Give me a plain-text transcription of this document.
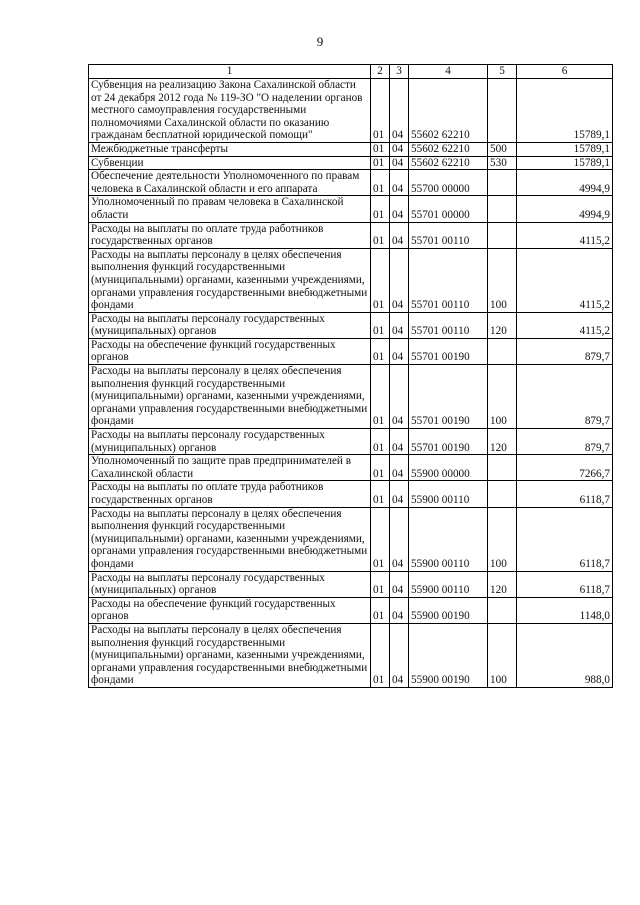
9
1	2	3	4	5	6
Субвенция на реализацию Закона Сахалинской области от 24 декабря 2012 года № 119-ЗО "О наделении органов местного самоуправления государственными полномочиями Сахалинской области по оказанию гражданам бесплатной юридической помощи"	01	04	55602 62210		15789,1
Межбюджетные трансферты	01	04	55602 62210	500	15789,1
Субвенции	01	04	55602 62210	530	15789,1
Обеспечение деятельности Уполномоченного по правам человека в Сахалинской области и его аппарата	01	04	55700 00000		4994,9
Уполномоченный по правам человека в Сахалинской области	01	04	55701 00000		4994,9
Расходы на выплаты по оплате труда работников государственных органов	01	04	55701 00110		4115,2
Расходы на выплаты персоналу в целях обеспечения выполнения функций государственными (муниципальными) органами, казенными учреждениями, органами управления государственными внебюджетными фондами	01	04	55701 00110	100	4115,2
Расходы на выплаты персоналу государственных (муниципальных) органов	01	04	55701 00110	120	4115,2
Расходы на обеспечение функций государственных органов	01	04	55701 00190		879,7
Расходы на выплаты персоналу в целях обеспечения выполнения функций государственными (муниципальными) органами, казенными учреждениями, органами управления государственными внебюджетными фондами	01	04	55701 00190	100	879,7
Расходы на выплаты персоналу государственных (муниципальных) органов	01	04	55701 00190	120	879,7
Уполномоченный по защите прав предпринимателей в Сахалинской области	01	04	55900 00000		7266,7
Расходы на выплаты по оплате труда работников государственных органов	01	04	55900 00110		6118,7
Расходы на выплаты персоналу в целях обеспечения выполнения функций государственными (муниципальными) органами, казенными учреждениями, органами управления государственными внебюджетными фондами	01	04	55900 00110	100	6118,7
Расходы на выплаты персоналу государственных (муниципальных) органов	01	04	55900 00110	120	6118,7
Расходы на обеспечение функций государственных органов	01	04	55900 00190		1148,0
Расходы на выплаты персоналу в целях обеспечения выполнения функций государственными (муниципальными) органами, казенными учреждениями, органами управления государственными внебюджетными фондами	01	04	55900 00190	100	988,0
